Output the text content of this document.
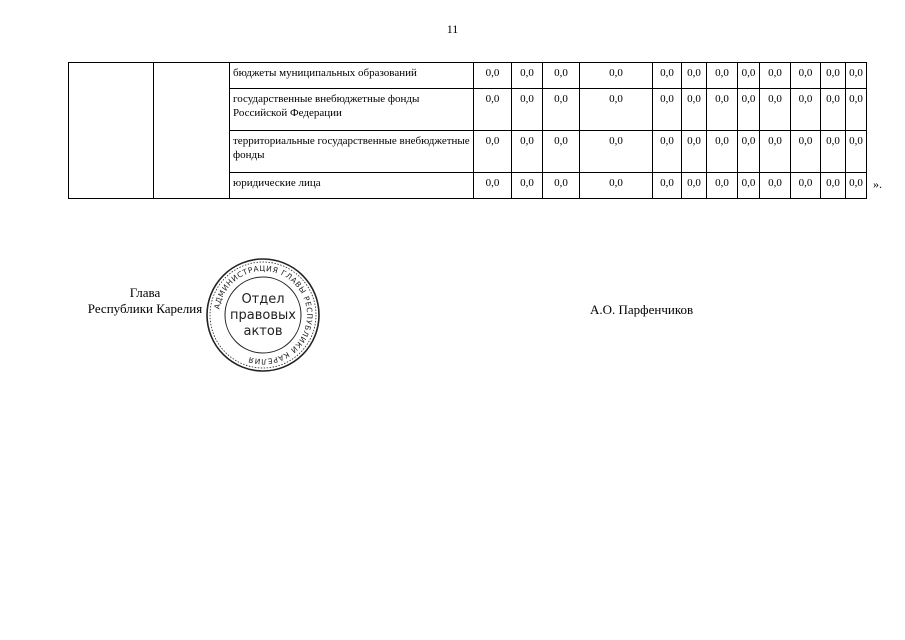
11
		бюджеты муниципальных образований	0,0	0,0	0,0	0,0	0,0	0,0	0,0	0,0	0,0	0,0	0,0	0,0
		государственные внебюджетные фонды Российской Федерации	0,0	0,0	0,0	0,0	0,0	0,0	0,0	0,0	0,0	0,0	0,0	0,0
		территориальные государственные внебюджетные фонды	0,0	0,0	0,0	0,0	0,0	0,0	0,0	0,0	0,0	0,0	0,0	0,0
		юридические лица	0,0	0,0	0,0	0,0	0,0	0,0	0,0	0,0	0,0	0,0	0,0	0,0 ».
Глава
Республики Карелия	АДМИНИСТРАЦИЯ ГЛАВЫ РЕСПУБЛИКИ КАРЕЛИЯ
Отдел
правовых
актов
А.О. Парфенчиков
